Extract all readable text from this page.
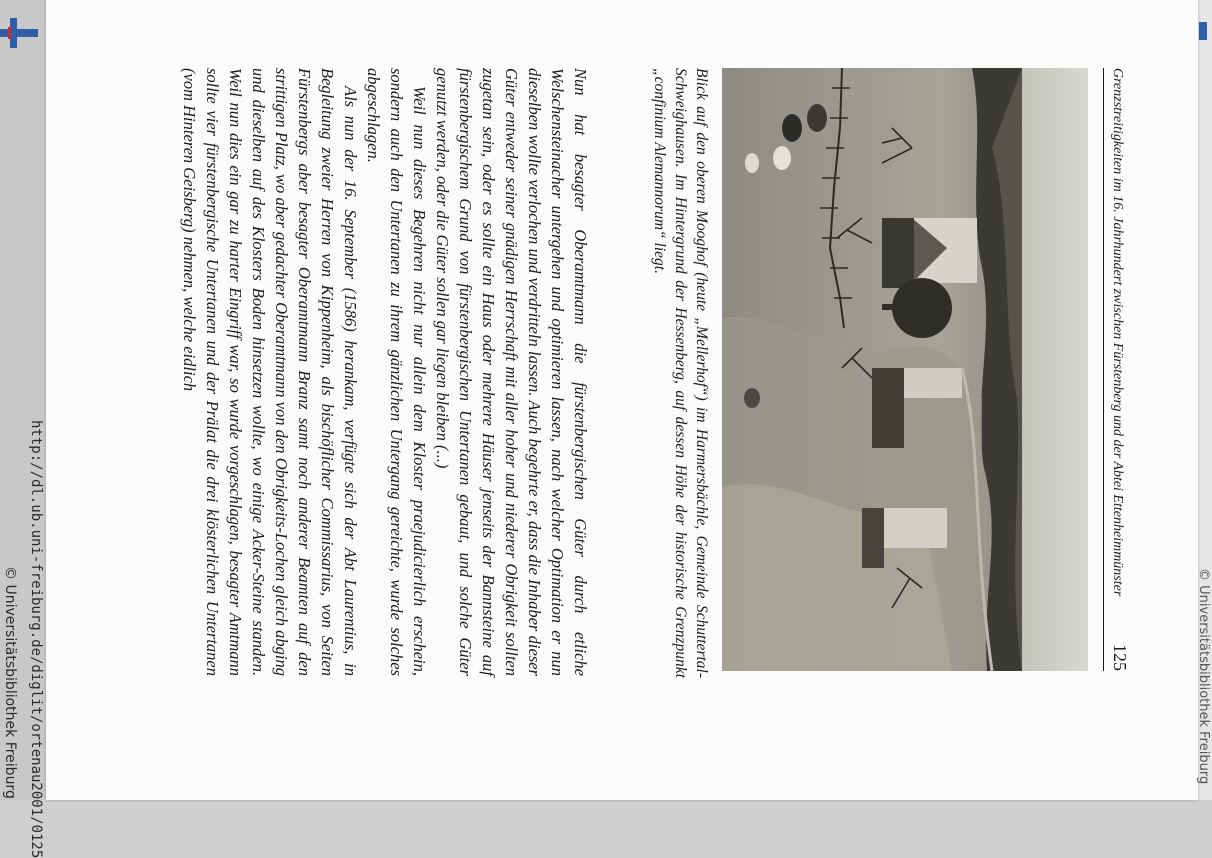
Grenzstreitigkeiten im 16. Jahrhundert zwischen Fürstenberg und der Abtei Ettenheimmünster
125
Blick auf den oberen Mooghof (heute „Mellerhof“) im Harmersbächle, Gemeinde Schuttertal-Schweighausen. Im Hintergrund der Hessenberg, auf dessen Höhe der historische Grenzpunkt „confinium Alemannorum“ liegt.

Nun hat besagter Oberamtmann die fürstenbergischen Güter durch etliche Welschensteinacher untergehen und optimieren lassen, nach welcher Optimation er nun dieselben wollte verlochen und verdritteln lassen. Auch begehrte er, dass die Inhaber dieser Güter entweder seiner gnädigen Herrschaft mit aller hoher und niederer Obrigkeit sollten zugetan sein, oder es sollte ein Haus oder mehrere Häuser jenseits der Bannsteine auf fürstenbergischem Grund von fürstenbergischen Untertanen gebaut, und solche Güter genutzt werden, oder die Güter sollen gar liegen bleiben (...)

Weil nun dieses Begehren nicht nur allein dem Kloster praejudicierlich erschein, sondern auch den Untertanen zu ihrem gänzlichen Untergang gereichte, wurde solches abgeschlagen.

Als nun der 16. September (1586) herankam, verfügte sich der Abt Laurentius, in Begleitung zweier Herren von Kippenheim, als bischöflicher Commissarius, von Seiten Fürstenbergs aber besagter Oberamtmann Branz samt noch anderer Beamten auf den strittigen Platz, wo aber gedachter Oberamtmann von den Obrigkeits-Lochen gleich abging und dieselben auf des Klosters Boden hinsetzen wollte, wo einige Acker-Steine standen. Weil nun dies ein gar zu harter Eingriff war, so wurde vorgeschlagen, besagter Amtmann sollte vier fürstenbergische Untertanen und der Prälat die drei klösterlichen Untertanen (vom Hinteren Geisberg) nehmen, welche eidlich

http://dl.ub.uni-freiburg.de/diglit/ortenau2001/0125
© Universitätsbibliothek Freiburg	© Universitätsbibliothek Freiburg
